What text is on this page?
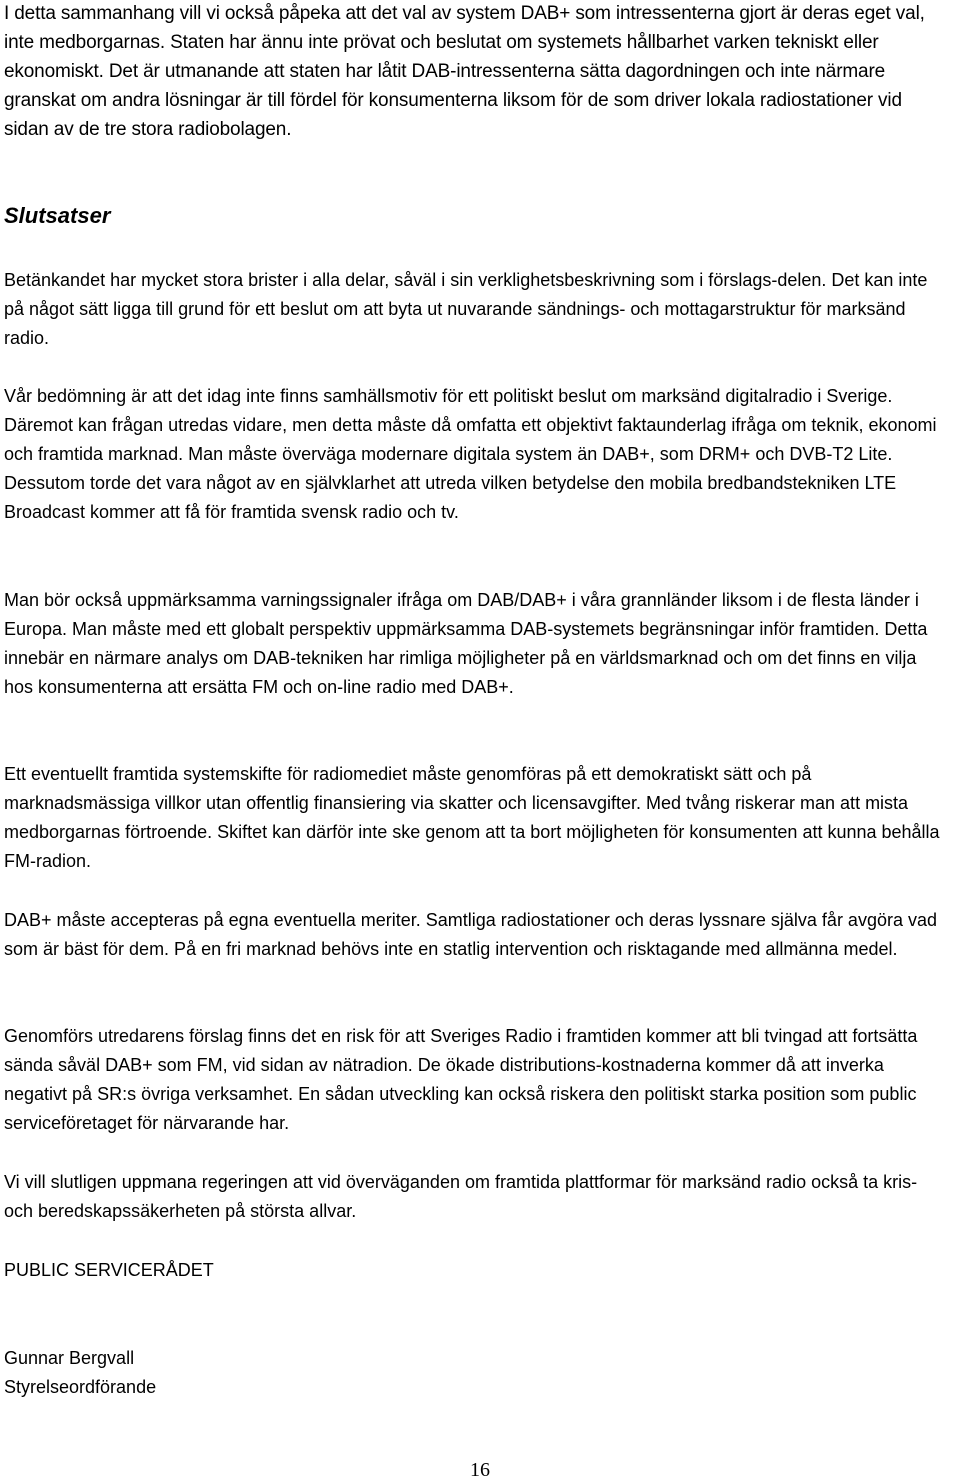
I detta sammanhang vill vi också påpeka att det val av system DAB+ som intressenterna gjort är deras eget val, inte medborgarnas. Staten har ännu inte prövat och beslutat om systemets hållbarhet varken tekniskt eller ekonomiskt. Det är utmanande att staten har låtit DAB-intressenterna sätta dagordningen och inte närmare granskat om andra lösningar är till fördel för konsumenterna liksom för de som driver lokala radiostationer vid sidan av de tre stora radiobolagen.

Slutsatser

Betänkandet har mycket stora brister i alla delar, såväl i sin verklighetsbeskrivning som i förslags-delen. Det kan inte på något sätt ligga till grund för ett beslut om att byta ut nuvarande sändnings- och mottagarstruktur för marksänd radio.

Vår bedömning är att det idag inte finns samhällsmotiv för ett politiskt beslut om marksänd digitalradio i Sverige. Däremot kan frågan utredas vidare, men detta måste då omfatta ett objektivt faktaunderlag ifråga om teknik, ekonomi och framtida marknad. Man måste överväga modernare digitala system än DAB+, som DRM+ och DVB-T2 Lite. Dessutom torde det vara något av en självklarhet att utreda vilken betydelse den mobila bredbandstekniken LTE Broadcast kommer att få för framtida svensk radio och tv.

Man bör också uppmärksamma varningssignaler ifråga om DAB/DAB+ i våra grannländer liksom i de flesta länder i Europa. Man måste med ett globalt perspektiv uppmärksamma DAB-systemets begränsningar inför framtiden. Detta innebär en närmare analys om DAB-tekniken har rimliga möjligheter på en världsmarknad och om det finns en vilja hos konsumenterna att ersätta FM och on-line radio med DAB+.

Ett eventuellt framtida systemskifte för radiomediet måste genomföras på ett demokratiskt sätt och på marknadsmässiga villkor utan offentlig finansiering via skatter och licensavgifter. Med tvång riskerar man att mista medborgarnas förtroende. Skiftet kan därför inte ske genom att ta bort möjligheten för konsumenten att kunna behålla FM-radion.

DAB+ måste accepteras på egna eventuella meriter. Samtliga radiostationer och deras lyssnare själva får avgöra vad som är bäst för dem. På en fri marknad behövs inte en statlig intervention och risktagande med allmänna medel.

Genomförs utredarens förslag finns det en risk för att Sveriges Radio i framtiden kommer att bli tvingad att fortsätta sända såväl DAB+ som FM, vid sidan av nätradion. De ökade distributions-kostnaderna kommer då att inverka negativt på SR:s övriga verksamhet. En sådan utveckling kan också riskera den politiskt starka position som public serviceföretaget för närvarande har.

Vi vill slutligen uppmana regeringen att vid överväganden om framtida plattformar för marksänd radio också ta kris- och beredskapssäkerheten på största allvar.

PUBLIC SERVICERÅDET

Gunnar Bergvall

Styrelseordförande

16
